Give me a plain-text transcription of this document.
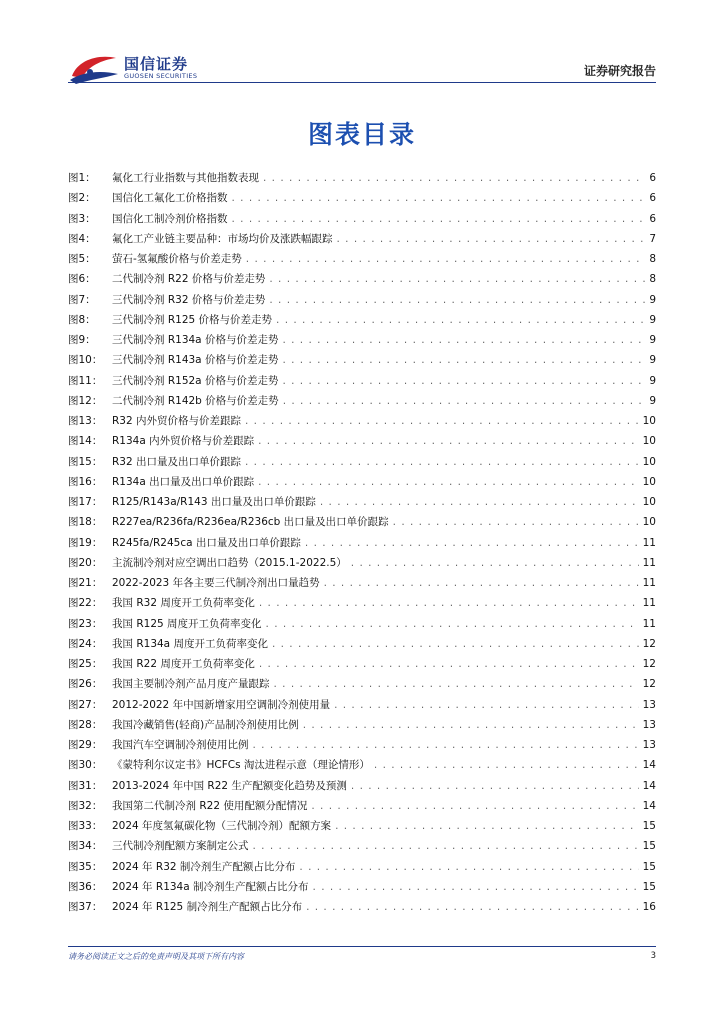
国信证券
GUOSEN SECURITIES	证券研究报告
图表目录
图1：	氟化工行业指数与其他指数表现 . . .	6
图2：	国信化工氟化工价格指数 . . .	6
图3：	国信化工制冷剂价格指数 . . .	6
图4：	氟化工产业链主要品种：市场均价及涨跌幅跟踪 . . .	7
图5：	萤石-氢氟酸价格与价差走势 . . .	8
图6：	二代制冷剂 R22 价格与价差走势 . . .	8
图7：	三代制冷剂 R32 价格与价差走势 . . .	9
图8：	三代制冷剂 R125 价格与价差走势 . . .	9
图9：	三代制冷剂 R134a 价格与价差走势 . . .	9
图10： 三代制冷剂 R143a 价格与价差走势 . . .	9
图11： 三代制冷剂 R152a 价格与价差走势 . . .	9
图12： 二代制冷剂 R142b 价格与价差走势 . . .	9
图13： R32 内外贸价格与价差跟踪 . . .	10
图14： R134a 内外贸价格与价差跟踪 . . .	10
图15： R32 出口量及出口单价跟踪 . . .	10
图16： R134a 出口量及出口单价跟踪 . . .	10
图17： R125/R143a/R143 出口量及出口单价跟踪 . . .	10
图18： R227ea/R236fa/R236ea/R236cb 出口量及出口单价跟踪 . . .	10
图19： R245fa/R245ca 出口量及出口单价跟踪 . . .	11
图20： 主流制冷剂对应空调出口趋势（2015.1-2022.5） . . .	11
图21： 2022-2023 年各主要三代制冷剂出口量趋势 . . .	11
图22： 我国 R32 周度开工负荷率变化 . . .	11
图23： 我国 R125 周度开工负荷率变化 . . .	11
图24： 我国 R134a 周度开工负荷率变化 . . .	12
图25： 我国 R22 周度开工负荷率变化 . . .	12
图26： 我国主要制冷剂产品月度产量跟踪 . . .	12
图27： 2012-2022 年中国新增家用空调制冷剂使用量 . . .	13
图28： 我国冷藏销售(轻商)产品制冷剂使用比例 . . .	13
图29： 我国汽车空调制冷剂使用比例 . . .	13
图30： 《蒙特利尔议定书》HCFCs 淘汰进程示意（理论情形） . . .	14
图31： 2013-2024 年中国 R22 生产配额变化趋势及预测 . . .	14
图32： 我国第二代制冷剂 R22 使用配额分配情况 . . .	14
图33： 2024 年度氢氟碳化物（三代制冷剂）配额方案 . . .	15
图34： 三代制冷剂配额方案制定公式 . . .	15
图35： 2024 年 R32 制冷剂生产配额占比分布 . . .	15
图36： 2024 年 R134a 制冷剂生产配额占比分布 . . .	15
图37： 2024 年 R125 制冷剂生产配额占比分布 . . .	16
请务必阅读正文之后的免责声明及其项下所有内容	3
